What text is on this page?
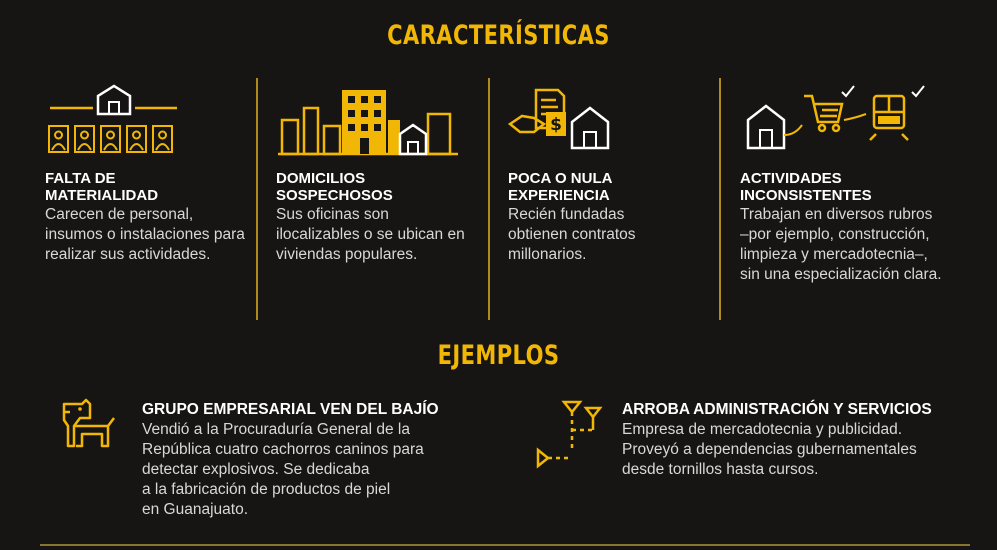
CARACTERÍSTICAS
FALTA DE
MATERIALIDAD
Carecen de personal, insumos o instalaciones para realizar sus actividades.
DOMICILIOS
SOSPECHOSOS
Sus oficinas son ilocalizables o se ubican en viviendas populares.
$
POCA O NULA
EXPERIENCIA
Recién fundadas obtienen contratos millonarios.
ACTIVIDADES
INCONSISTENTES
Trabajan en diversos rubros –por ejemplo, construcción, limpieza y mercadotecnia–, sin una especialización clara.
EJEMPLOS
GRUPO EMPRESARIAL VEN DEL BAJÍO
Vendió a la Procuraduría General de la
República cuatro cachorros caninos para
detectar explosivos. Se dedicaba
a la fabricación de productos de piel
en Guanajuato.
ARROBA ADMINISTRACIÓN Y SERVICIOS
Empresa de mercadotecnia y publicidad.
Proveyó a dependencias gubernamentales
desde tornillos hasta cursos.
